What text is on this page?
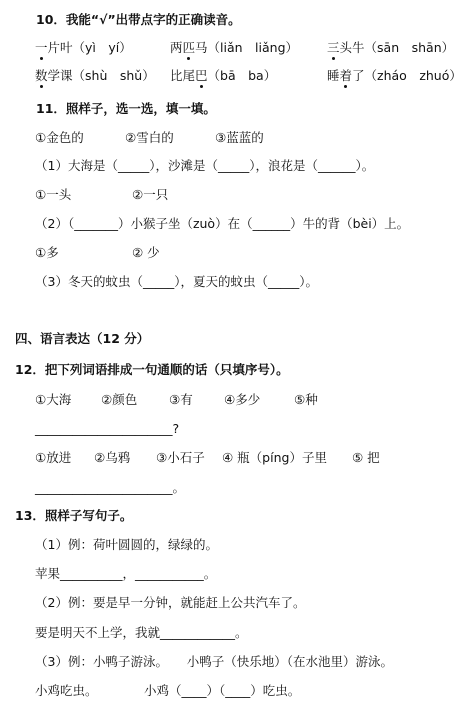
10．我能“√”出带点字的正确读音。
一片叶（yì　yí）	两匹马（liǎn　liǎng） 三头牛（sān　shān）
数学课（shù　shǔ） 比尾巴（bā　ba）	睡着了（zháo　zhuó）
11．照样子，选一选，填一填。
①金色的	②雪白的	③蓝蓝的
（1）大海是（_____），沙滩是（_____），浪花是（______）。
①一头	②一只
（2）（_______）小猴子坐（zuò）在（______）牛的背（bèi）上。
①多	② 少
（3）冬天的蚊虫（_____），夏天的蚊虫（_____）。
四、语言表达（12 分）
12．把下列词语排成一句通顺的话（只填序号）。
①大海 ②颜色	③有	④多少	⑤种
______________________?
①放进 ②乌鸦 ③小石子 ④ 瓶（píng）子里 ⑤ 把
______________________。
13．照样子写句子。
（1）例：荷叶圆圆的，绿绿的。
苹果__________，___________。
（2）例：要是早一分钟，就能赶上公共汽车了。
要是明天不上学，我就____________。
（3）例：小鸭子游泳。　　小鸭子（快乐地）（在水池里）游泳。
小鸡吃虫。	小鸡（____）（____）吃虫。
